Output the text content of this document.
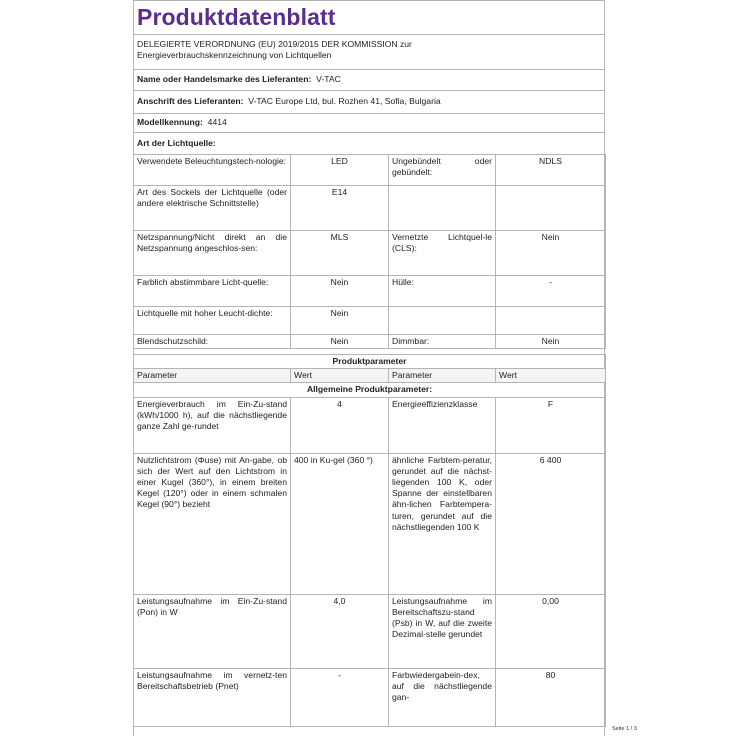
Produktdatenblatt
DELEGIERTE VERORDNUNG (EU) 2019/2015 DER KOMMISSION zur
Energieverbrauchskennzeichnung von Lichtquellen
Name oder Handelsmarke des Lieferanten: V-TAC
Anschrift des Lieferanten: V-TAC Europe Ltd, bul. Rozhen 41, Sofia, Bulgaria
Modellkennung: 4414
Art der Lichtquelle:
Verwendete Beleuchtungstech-nologie:	LED	Ungebündelt oder gebündelt:	NDLS
Art des Sockels der Lichtquelle (oder andere elektrische Schnittstelle)	E14		
Netzspannung/Nicht direkt an die Netzspannung angeschlos-sen:	MLS	Vernetzte Lichtquel-le (CLS):	Nein
Farblich abstimmbare Licht-quelle:	Nein	Hülle:	-
Lichtquelle mit hoher Leucht-dichte:	Nein		
Blendschutzschild:	Nein	Dimmbar:	Nein
Produktparameter			
Parameter	Wert	Parameter	Wert
Allgemeine Produktparameter:			
Energieverbrauch im Ein-Zu-stand (kWh/1000 h), auf die nächstliegende ganze Zahl ge-rundet	4	Energieeffizienzklasse	F
Nutzlichtstrom (Φuse) mit An-gabe, ob sich der Wert auf den Lichtstrom in einer Kugel (360°), in einem breiten Kegel (120°) oder in einem schmalen Kegel (90°) bezieht	400 in Ku-gel (360 °)	ähnliche Farbtem-peratur, gerundet auf die nächst-liegenden 100 K, oder Spanne der einstellbaren ähn-lichen Farbtempera-turen, gerundet auf die nächstliegenden 100 K	6 400
Leistungsaufnahme im Ein-Zu-stand (Pon) in W	4,0	Leistungsaufnahme im Bereitschaftszu-stand (Psb) in W, auf die zweite Dezimal-stelle gerundet	0,00
Leistungsaufnahme im vernetz-ten Bereitschaftsbetrieb (Pnet)	-	Farbwiedergabein-dex, auf die nächstliegende gan-	80
Seite 1 / 3
